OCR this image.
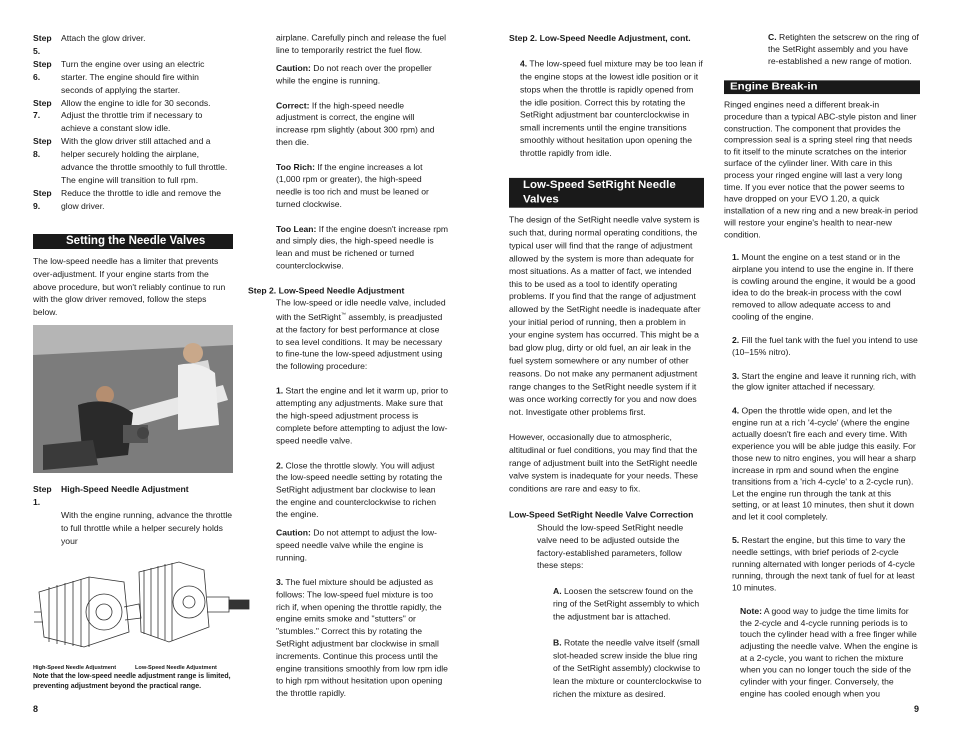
Step 5.
Attach the glow driver.
Step 6.
Turn the engine over using an electric starter. The engine should fire within seconds of applying the starter.
Step 7.
Allow the engine to idle for 30 seconds. Adjust the throttle trim if necessary to achieve a constant slow idle.
Step 8.
With the glow driver still attached and a helper securely holding the airplane, advance the throttle smoothly to full throttle. The engine will transition to full rpm.
Step 9.
Reduce the throttle to idle and remove the glow driver.
Setting the Needle Valves

The low-speed needle has a limiter that prevents over-adjustment. If your engine starts from the above procedure, but won't reliably continue to run with the glow driver removed, follow the steps below.

Step 1.
High-Speed Needle Adjustment

With the engine running, advance the throttle to full throttle while a helper securely holds your

High-Speed Needle Adjustment	Low-Speed Needle Adjustment

Note that the low-speed needle adjustment range is limited, preventing adjustment beyond the practical range.

8

airplane. Carefully pinch and release the fuel line to temporarily restrict the fuel flow.

Caution: Do not reach over the propeller while the engine is running.

Correct: If the high-speed needle adjustment is correct, the engine will increase rpm slightly (about 300 rpm) and then die.

Too Rich: If the engine increases a lot (1,000 rpm or greater), the high-speed needle is too rich and must be leaned or turned clockwise.

Too Lean: If the engine doesn't increase rpm and simply dies, the high-speed needle is lean and must be richened or turned counterclockwise.

Step 2. Low-Speed Needle Adjustment

The low-speed or idle needle valve, included with the SetRight™ assembly, is preadjusted at the factory for best performance at close to sea level conditions. It may be necessary to fine-tune the low-speed adjustment using the following procedure:

1. Start the engine and let it warm up, prior to attempting any adjustments. Make sure that the high-speed adjustment process is complete before attempting to adjust the low-speed needle valve.

2. Close the throttle slowly. You will adjust the low-speed needle setting by rotating the SetRight adjustment bar clockwise to lean the engine and counterclockwise to richen the engine.

Caution: Do not attempt to adjust the low-speed needle valve while the engine is running.

3. The fuel mixture should be adjusted as follows: The low-speed fuel mixture is too rich if, when opening the throttle rapidly, the engine emits smoke and "stutters" or "stumbles." Correct this by rotating the SetRight adjustment bar clockwise in small increments. Continue this process until the engine transitions smoothly from low rpm idle to high rpm without hesitation upon opening the throttle rapidly.

Step 2. Low-Speed Needle Adjustment, cont.

4. The low-speed fuel mixture may be too lean if the engine stops at the lowest idle position or it stops when the throttle is rapidly opened from the idle position. Correct this by rotating the SetRight adjustment bar counterclockwise in small increments until the engine transitions smoothly without hesitation upon opening the throttle rapidly from idle.

Low-Speed SetRight Needle Valves

The design of the SetRight needle valve system is such that, during normal operating conditions, the typical user will find that the range of adjustment allowed by the system is more than adequate for most situations. As a matter of fact, we intended this to be used as a tool to identify operating problems. If you find that the range of adjustment allowed by the SetRight needle is inadequate after your initial period of running, then a problem in your engine system has occurred. This might be a bad glow plug, dirty or old fuel, an air leak in the fuel system somewhere or any number of other reasons. Do not make any permanent adjustment range changes to the SetRight needle system if it was once working correctly for you and now does not. Investigate other problems first.

However, occasionally due to atmospheric, altitudinal or fuel conditions, you may find that the range of adjustment built into the SetRight needle valve system is inadequate for your needs. These conditions are rare and easy to fix.

Low-Speed SetRight Needle Valve Correction

Should the low-speed SetRight needle valve need to be adjusted outside the factory-established parameters, follow these steps:

A. Loosen the setscrew found on the ring of the SetRight assembly to which the adjustment bar is attached.

B. Rotate the needle valve itself (small slot-headed screw inside the blue ring of the SetRight assembly) clockwise to lean the mixture or counterclockwise to richen the mixture as desired.

C. Retighten the setscrew on the ring of the SetRight assembly and you have re-established a new range of motion.

Engine Break-in

Ringed engines need a different break-in procedure than a typical ABC-style piston and liner construction. The component that provides the compression seal is a spring steel ring that needs to fit itself to the minute scratches on the interior surface of the cylinder liner. With care in this process your ringed engine will last a very long time. If you ever notice that the power seems to have dropped on your EVO 1.20, a quick installation of a new ring and a new break-in period will restore your engine's health to near-new condition.

1. Mount the engine on a test stand or in the airplane you intend to use the engine in. If there is cowling around the engine, it would be a good idea to do the break-in process with the cowl removed to allow adequate access to and cooling of the engine.

2. Fill the fuel tank with the fuel you intend to use (10–15% nitro).

3. Start the engine and leave it running rich, with the glow igniter attached if necessary.

4. Open the throttle wide open, and let the engine run at a rich '4-cycle' (where the engine actually doesn't fire each and every time. With experience you will be able judge this easily. For those new to nitro engines, you will hear a sharp increase in rpm and sound when the engine transitions from a 'rich 4-cycle' to a 2-cycle run). Let the engine run through the tank at this setting, or at least 10 minutes, then shut it down and let it cool completely.

5. Restart the engine, but this time to vary the needle settings, with brief periods of 2-cycle running alternated with longer periods of 4-cycle running, through the next tank of fuel for at least 10 minutes.

Note: A good way to judge the time limits for the 2-cycle and 4-cycle running periods is to touch the cylinder head with a free finger while adjusting the needle valve. When the engine is at a 2-cycle, you want to richen the mixture when you can no longer touch the side of the cylinder with your finger. Conversely, the engine has cooled enough when you

9
